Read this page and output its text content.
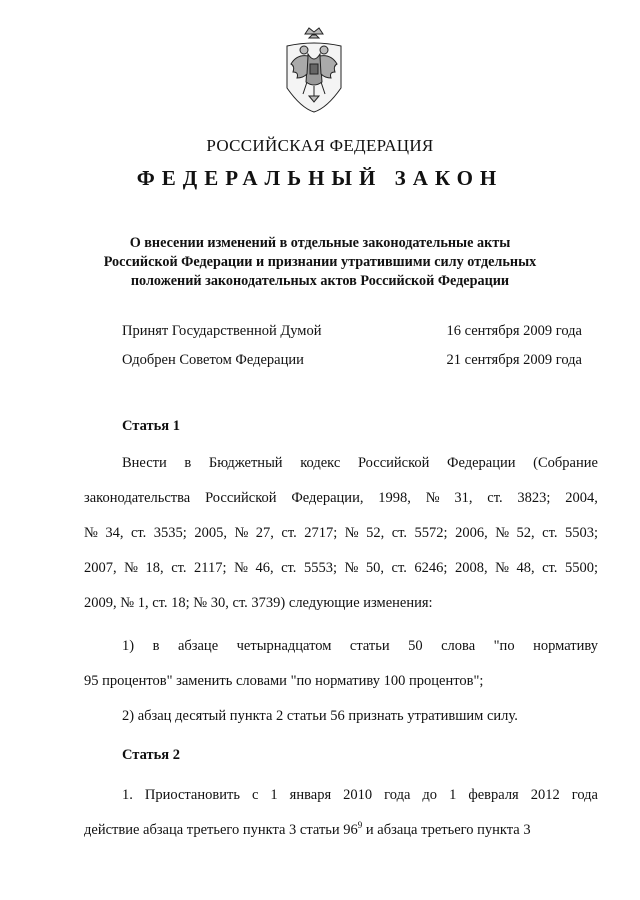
РОССИЙСКАЯ ФЕДЕРАЦИЯ
ФЕДЕРАЛЬНЫЙ ЗАКОН
О внесении изменений в отдельные законодательные акты
Российской Федерации и признании утратившими силу отдельных
положений законодательных актов Российской Федерации
Принят Государственной Думой	16 сентября 2009 года
Одобрен Советом Федерации	21 сентября 2009 года
Статья 1
Внести в Бюджетный кодекс Российской Федерации (Собрание
законодательства Российской Федерации, 1998, № 31, ст. 3823; 2004,
№ 34, ст. 3535; 2005, № 27, ст. 2717; № 52, ст. 5572; 2006, № 52, ст. 5503;
2007, № 18, ст. 2117; № 46, ст. 5553; № 50, ст. 6246; 2008, № 48, ст. 5500;
2009, № 1, ст. 18; № 30, ст. 3739) следующие изменения:
1) в абзаце четырнадцатом статьи 50 слова "по нормативу
95 процентов" заменить словами "по нормативу 100 процентов";
2) абзац десятый пункта 2 статьи 56 признать утратившим силу.
Статья 2
1. Приостановить с 1 января 2010 года до 1 февраля 2012 года
действие абзаца третьего пункта 3 статьи $96^9$ и абзаца третьего пункта 3
